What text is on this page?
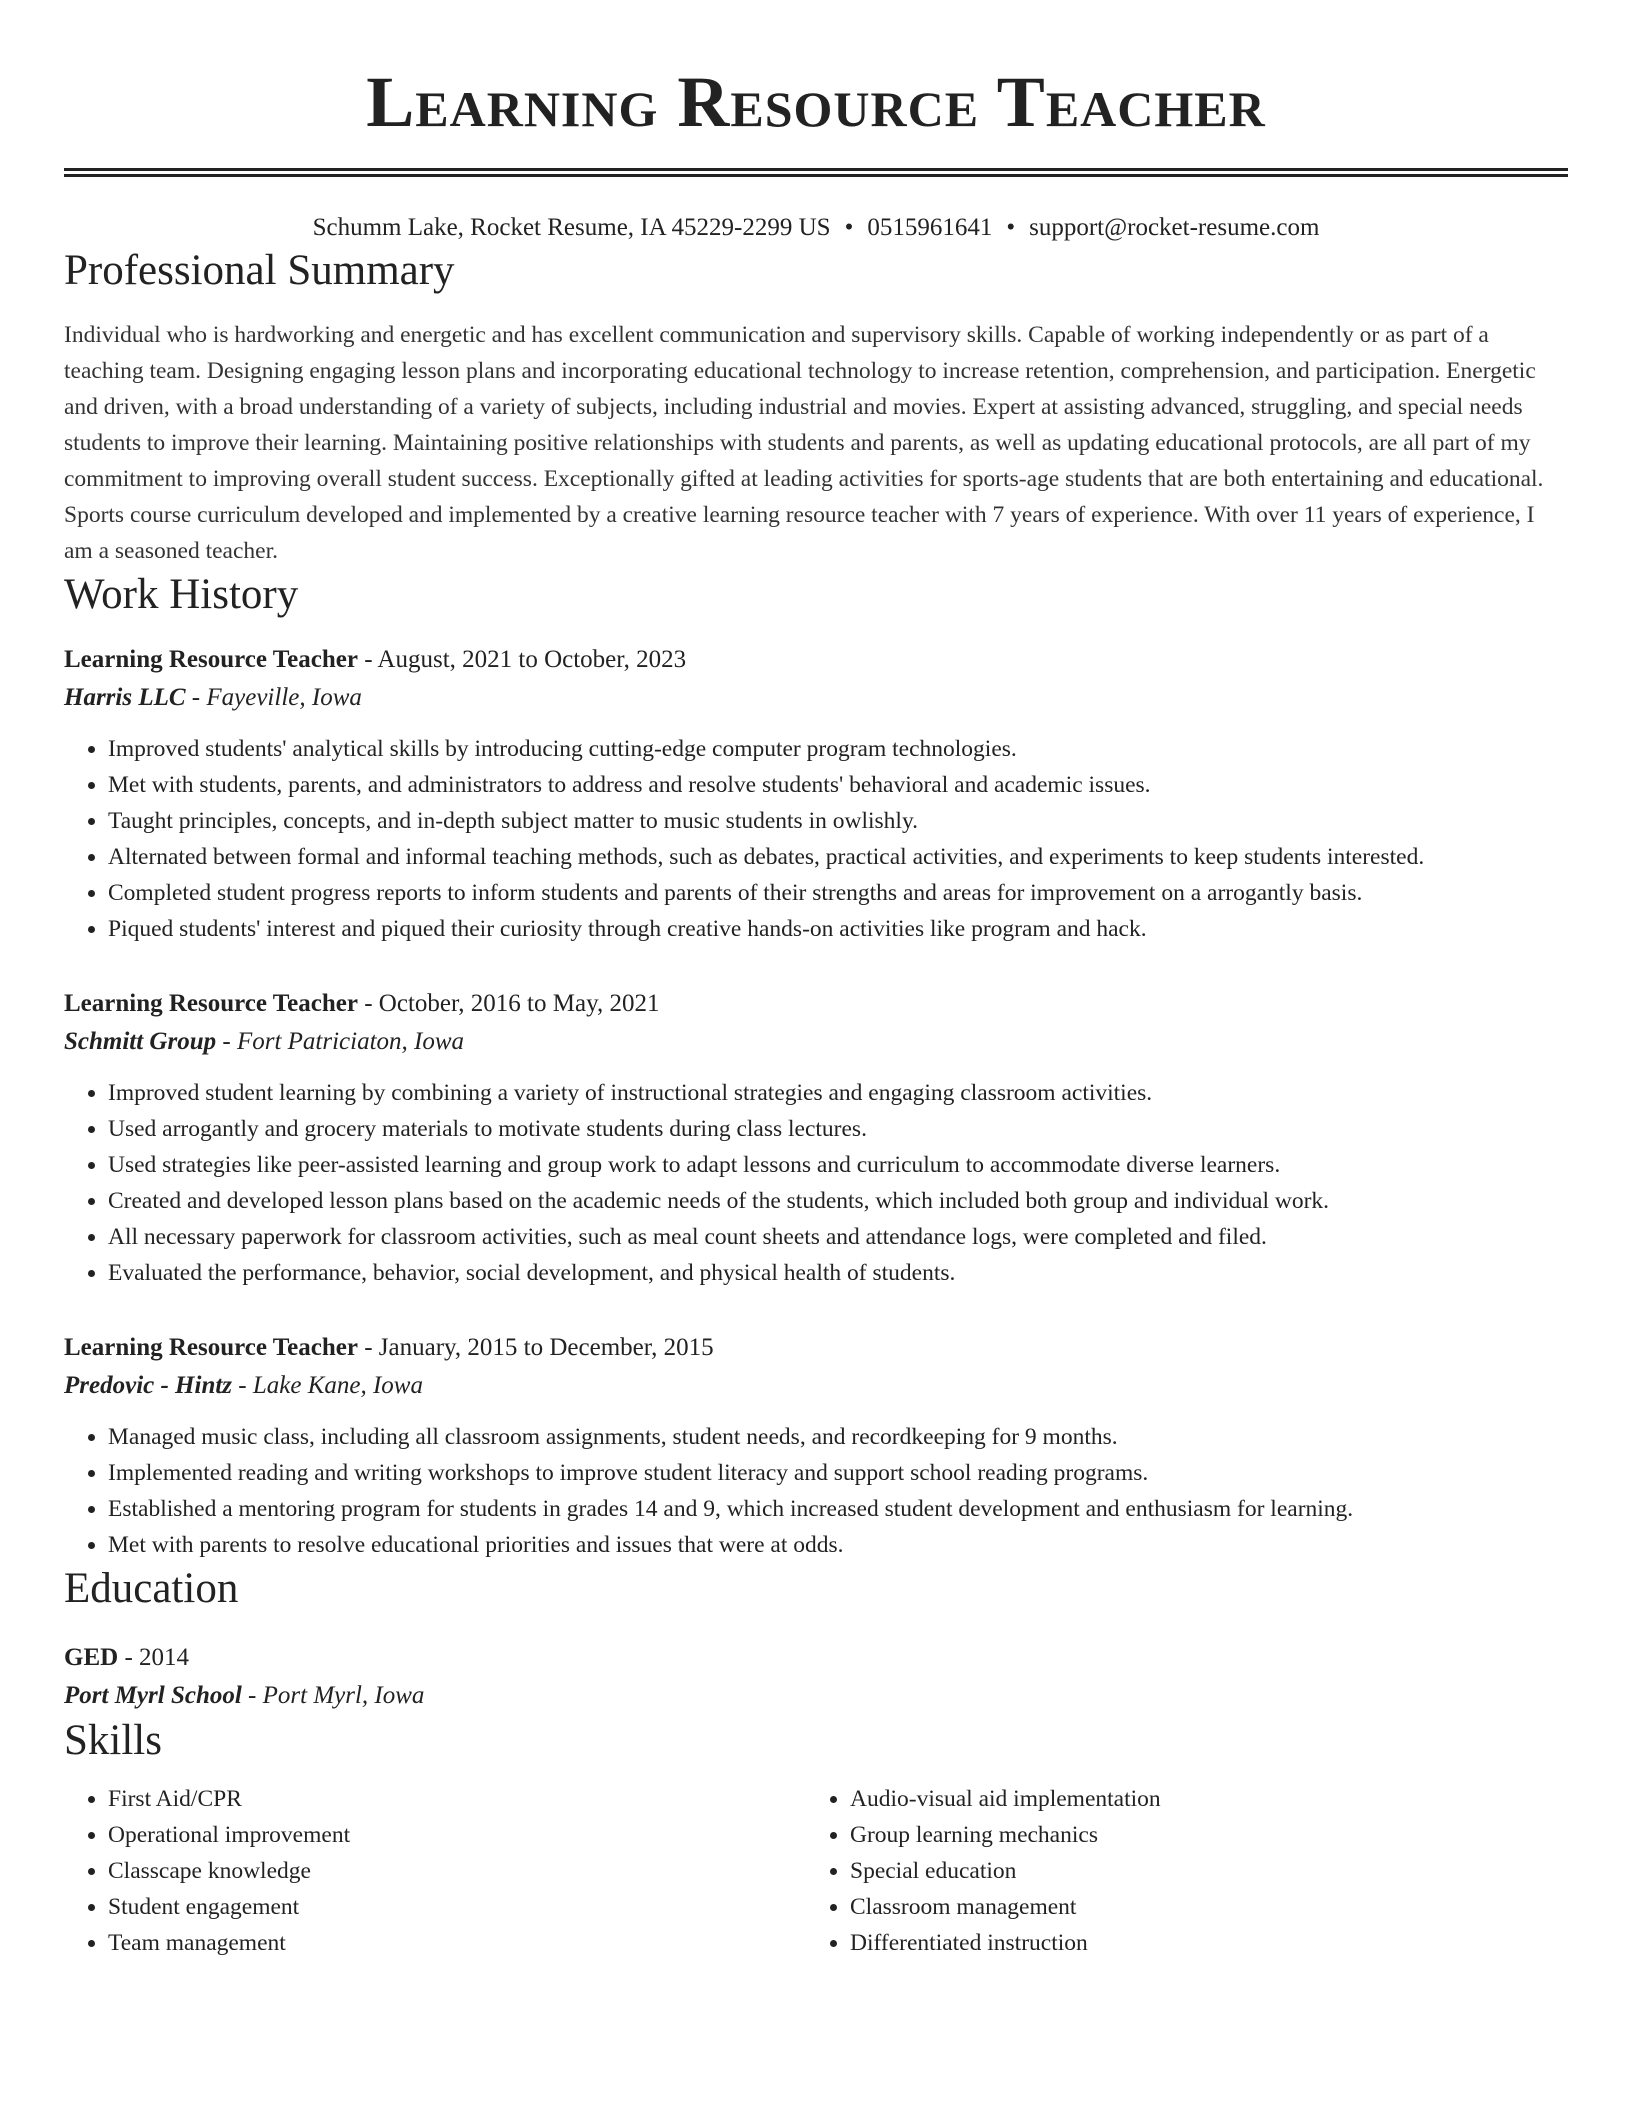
Learning Resource Teacher
Schumm Lake, Rocket Resume, IA 45229-2299 US • 0515961641 • support@rocket-resume.com
Professional Summary

Individual who is hardworking and energetic and has excellent communication and supervisory skills. Capable of working independently or as part of a teaching team. Designing engaging lesson plans and incorporating educational technology to increase retention, comprehension, and participation. Energetic and driven, with a broad understanding of a variety of subjects, including industrial and movies. Expert at assisting advanced, struggling, and special needs students to improve their learning. Maintaining positive relationships with students and parents, as well as updating educational protocols, are all part of my commitment to improving overall student success. Exceptionally gifted at leading activities for sports-age students that are both entertaining and educational. Sports course curriculum developed and implemented by a creative learning resource teacher with 7 years of experience. With over 11 years of experience, I am a seasoned teacher.

Work History
Learning Resource Teacher - August, 2021 to October, 2023
Harris LLC - Fayeville, Iowa
• Improved students' analytical skills by introducing cutting-edge computer program technologies.
• Met with students, parents, and administrators to address and resolve students' behavioral and academic issues.
• Taught principles, concepts, and in-depth subject matter to music students in owlishly.
• Alternated between formal and informal teaching methods, such as debates, practical activities, and experiments to keep students interested.
• Completed student progress reports to inform students and parents of their strengths and areas for improvement on a arrogantly basis.
• Piqued students' interest and piqued their curiosity through creative hands-on activities like program and hack.
Learning Resource Teacher - October, 2016 to May, 2021
Schmitt Group - Fort Patriciaton, Iowa
• Improved student learning by combining a variety of instructional strategies and engaging classroom activities.
• Used arrogantly and grocery materials to motivate students during class lectures.
• Used strategies like peer-assisted learning and group work to adapt lessons and curriculum to accommodate diverse learners.
• Created and developed lesson plans based on the academic needs of the students, which included both group and individual work.
• All necessary paperwork for classroom activities, such as meal count sheets and attendance logs, were completed and filed.
• Evaluated the performance, behavior, social development, and physical health of students.
Learning Resource Teacher - January, 2015 to December, 2015
Predovic - Hintz - Lake Kane, Iowa
• Managed music class, including all classroom assignments, student needs, and recordkeeping for 9 months.
• Implemented reading and writing workshops to improve student literacy and support school reading programs.
• Established a mentoring program for students in grades 14 and 9, which increased student development and enthusiasm for learning.
• Met with parents to resolve educational priorities and issues that were at odds.
Education
GED - 2014
Port Myrl School - Port Myrl, Iowa
Skills
• First Aid/CPR
• Operational improvement
• Classcape knowledge
• Student engagement
• Team management
• Audio-visual aid implementation
• Group learning mechanics
• Special education
• Classroom management
• Differentiated instruction
